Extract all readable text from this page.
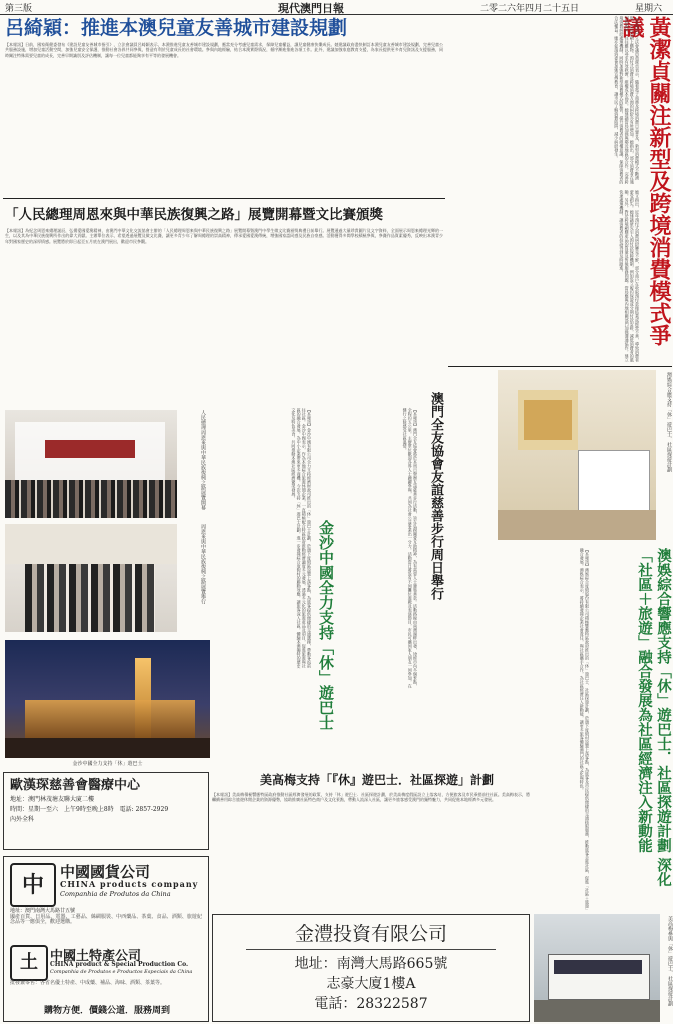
第三版	現代澳門日報	二零二六年四月二十五日	星期六
呂綺穎：推進本澳兒童友善城市建設規劃
【本報訊】日前，國家衛健委發布《建設兒童友善城市指引》，立法會議員呂綺穎表示，本澳推進兒童友善城市建設規劃，應當充分考慮兒童需求，保障兒童權益，讓兒童健康快樂成長。她建議政府盡快制訂本澳兒童友善城市建設規劃，完善兒童公共服務設施，增加兒童活動空間，加強兒童安全保護，推動社會各界共同參與，營造有利於兒童成長的社會環境。參與內地經驗，結合本澳實際情況，循序漸進推進各項工作。此外，建議加強家庭教育支援，為家長提供更多育兒資訊及支援服務，同時關注特殊需要兒童的成長，完善早期識別及評估機制，讓每一位兒童都能夠享有平等的發展機會。
「人民總理周恩來與中華民族復興之路」展覽開幕暨文比賽頒獎
【本報訊】為紀念周恩來總理誕辰，弘揚愛國愛澳精神，由澳門中華文化交流協會主辦的「人民總理周恩來與中華民族復興之路」展覽開幕暨澳門中學生徵文比賽頒獎典禮日前舉行。展覽通過大量珍貴圖片及文字資料，全面展示周恩來總理光輝的一生，以及其為中華民族復興所作出的偉大貢獻。主辦單位表示，希望透過展覽及徵文比賽，讓更多青少年了解周總理的崇高精神，傳承愛國愛澳傳統，增強國家認同感及民族自豪感。活動獲得多間學校積極參與，參賽作品質素優秀，反映出本澳青少年對國家歷史的深厚情感。展覽將於即日起至五月底在澳門展出，歡迎市民參觀。
人民總理周恩來與中華民族復興之路展覽開幕
周恩來與中華民族復興之路展覽舉行
金沙中國全力支持「休」遊巴士
【本報訊】金沙中國有限公司全力支持經濟財政司推出的「休」遊巴士計劃，於旗下度假區設置上落客點，為旅客提供便捷的交通選擇，帶動客流前往社區。金沙中國表示，作為本地綜合旅遊休閒企業，一直積極配合特區政府推動經濟適度多元發展，透過多元化的旅遊產品及項目，促進旅遊與社區的融合發展，為中小企業帶來更多商機。今次支持「休」遊巴士計劃，進一步發揮綜合度假村的聯動效應，讓旅客深入社區，體驗本澳獨特的歷史文化及特色美食，共同推動本澳社區經濟繁榮發展。
金沙中國全力支持「休」遊巴士
澳門全友協會友誼慈善步行周日舉行
【本報訊】澳門全友協會將於本周日舉辦友誼慈善步行活動，旨在弘揚關愛互助精神，為有需要人士籌集善款。活動路線由南灣湖畔出發，途經市內多個景點，全程約五公里。主辦單位歡迎各界人士踴躍參與，共同為社會公益事業出一分力。活動當日將設有不同攤位遊戲及表演節目，市民可攜同家人朋友一同參加，在健行之餘感受社區溫情。
美高梅支持「『休』遊巴士．社區探遊」計劃
【本報訊】美高梅積極響應特區政府推動社區經濟發展的政策，支持「休」遊巴士．社區探遊計劃，於美高梅度假區設立上落客站，方便旅客及市民乘搭前往社區。美高梅表示，將繼續善用綜合旅遊休閒企業的資源優勢，協助推廣社區特色商戶及文化景點，帶動人流深入社區，讓更多旅客感受澳門的獨特魅力，共同促進本地經濟多元發展。
黃潔貞關注新型及跨境消費模式爭議
【本報訊】立法會議員黃潔貞表示，隨着電子商務及跨境消費日益普及，新型消費模式不斷湧現，市民在網上購物、預付式消費及跨境消費方面的糾紛亦有所增加。她指出，部分消費者在遇到問題時，往往難以尋求有效救濟，維權成本高昂。她建議當局加強與鄰近地區的合作，完善跨境消費糾紛處理機制，同時加強對新型消費模式的監管，提升消費者的維權意識，保障消費者的合法權益。她亦促請消委會加強宣傳教育，讓市民了解消費陷阱，減少糾紛發生。
她又指出，近年預付式消費糾紛屢見不鮮，部分商戶在收取預付款後結業或經營不善，導致消費者蒙受損失。她建議研究引入預付款保障機制，例如設立履約保證或分期付款安排，減低消費者的風險。另外，對於跨境網購產品的質量及售後服務問題，當局應與內地相關部門加強溝通協作，建立快速處理機制，讓消費者的投訴得到及時跟進。
澳娛綜合應支持「休」遊巴士．社區探遊計劃
澳娛綜合響應支持「休」遊巴士．社區探遊計劃 深化「社區＋旅遊」融合發展為社區經濟注入新動能
【本報訊】澳娛綜合度假股份有限公司積極響應特區政府推出的「休」遊巴士．社區探遊計劃，於旗下度假村設置上落客點，為旅客及市民提供便捷的交通接駁服務，推動旅客走進社區，促進「社區＋旅遊」融合發展。澳娛綜合表示，將持續發揮企業社會責任，與社區攜手合作，為社區經濟注入新動能，讓更多旅客體驗澳門的社區文化與特色。
美高梅參與「休」遊巴士．社區探遊計劃
歐漢琛慈善會醫療中心
地址：澳門林茂塘友聯大廈二樓
時間：星期一至六　上午9時至晚上8時　電話: 2857-2929
內外全科
中	中國國貨公司
CHINA products company
Companhia de Produtos da China
地址：澳門南灣大馬路廿五號
國產百貨、日用品、電器、工藝品、絲綢服裝、中西藥品、茶葉、食品、酒類、旅遊紀念品等一應俱全，歡迎選購。
土 中國土特產公司
CHINA product & Special Production Co.
Companhia de Produtos e Productos Especiais da China
批發兼零售：各省名優土特產、中成藥、補品、海味、酒類、茶葉等。
購物方便．價錢公道．服務周到
金澧投資有限公司
地址：南灣大馬路665號
志豪大廈1樓A
電話：28322587
